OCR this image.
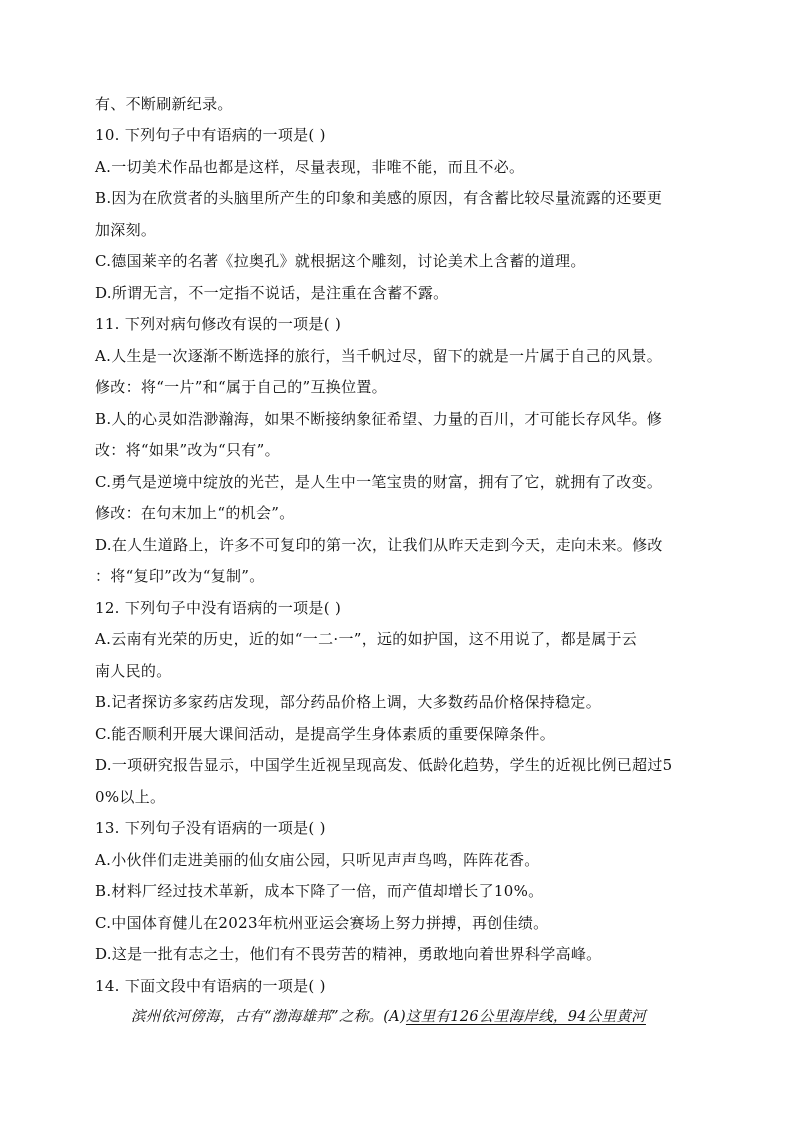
有、不断刷新纪录。
10. 下列句子中有语病的一项是( )
A.一切美术作品也都是这样，尽量表现，非唯不能，而且不必。
B.因为在欣赏者的头脑里所产生的印象和美感的原因，有含蓄比较尽量流露的还要更
加深刻。
C.德国莱辛的名著《拉奥孔》就根据这个雕刻，讨论美术上含蓄的道理。
D.所谓无言，不一定指不说话，是注重在含蓄不露。
11. 下列对病句修改有误的一项是( )
A.人生是一次逐渐不断选择的旅行，当千帆过尽，留下的就是一片属于自己的风景。
修改：将“一片”和“属于自己的”互换位置。
B.人的心灵如浩渺瀚海，如果不断接纳象征希望、力量的百川，才可能长存风华。修
改：将“如果”改为“只有”。
C.勇气是逆境中绽放的光芒，是人生中一笔宝贵的财富，拥有了它，就拥有了改变。
修改：在句末加上“的机会”。
D.在人生道路上，许多不可复印的第一次，让我们从昨天走到今天，走向未来。修改
：将“复印”改为“复制”。
12. 下列句子中没有语病的一项是( )
A.云南有光荣的历史，近的如“一二·一”，远的如护国，这不用说了，都是属于云
南人民的。
B.记者探访多家药店发现，部分药品价格上调，大多数药品价格保持稳定。
C.能否顺利开展大课间活动，是提高学生身体素质的重要保障条件。
D.一项研究报告显示，中国学生近视呈现高发、低龄化趋势，学生的近视比例已超过5
0%以上。
13. 下列句子没有语病的一项是( )
A.小伙伴们走进美丽的仙女庙公园，只听见声声鸟鸣，阵阵花香。
B.材料厂经过技术革新，成本下降了一倍，而产值却增长了10%。
C.中国体育健儿在2023年杭州亚运会赛场上努力拼搏，再创佳绩。
D.这是一批有志之士，他们有不畏劳苦的精神，勇敢地向着世界科学高峰。
14. 下面文段中有语病的一项是( )
滨州依河傍海，古有“渤海雄邦”之称。(A)这里有126公里海岸线，94公里黄河
